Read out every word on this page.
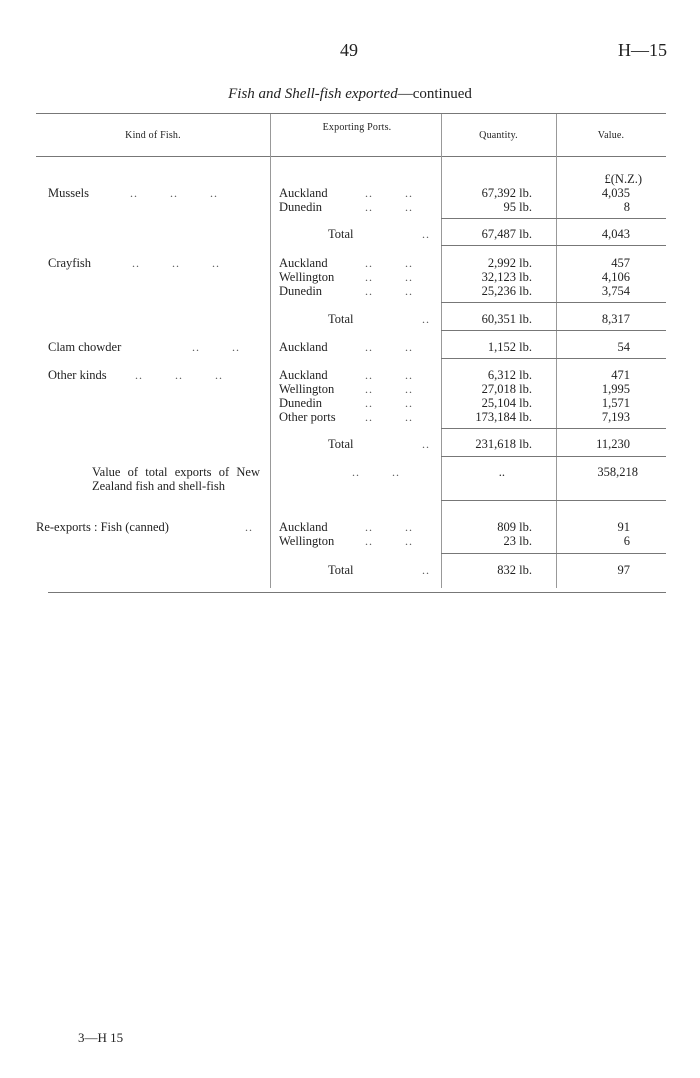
49	H—15
Fish and Shell-fish exported—continued
Kind of Fish.
Exporting Ports.
Quantity.	Value.
£(N.Z.)
Mussels	..        ..        ..	Auckland	..        ..	67,392 lb.	4,035
Dunedin	..        ..	95 lb.	8
Total	..	67,487 lb.	4,043
Crayfish	..        ..        ..	Auckland	..        ..	2,992 lb.	457
Wellington	..        ..	32,123 lb.	4,106
Dunedin	..        ..	25,236 lb.	3,754
Total	..	60,351 lb.	8,317
Clam chowder	..        ..	Auckland	..        ..	1,152 lb.	54
Other kinds ..        ..        ..	Auckland	..        ..	6,312 lb.	471
Wellington	..        ..	27,018 lb.	1,995
Dunedin	..        ..	25,104 lb.	1,571
Other ports ..        ..	173,184 lb.	7,193
Total	..	231,618 lb.	11,230
Value of total exports of New Zealand fish and shell-fish
..        ..	..	358,218
Re-exports : Fish (canned)	.. Auckland	..        ..	809 lb.	91
Wellington	..        ..	23 lb.	6
Total	..	832 lb.	97
3—H 15
